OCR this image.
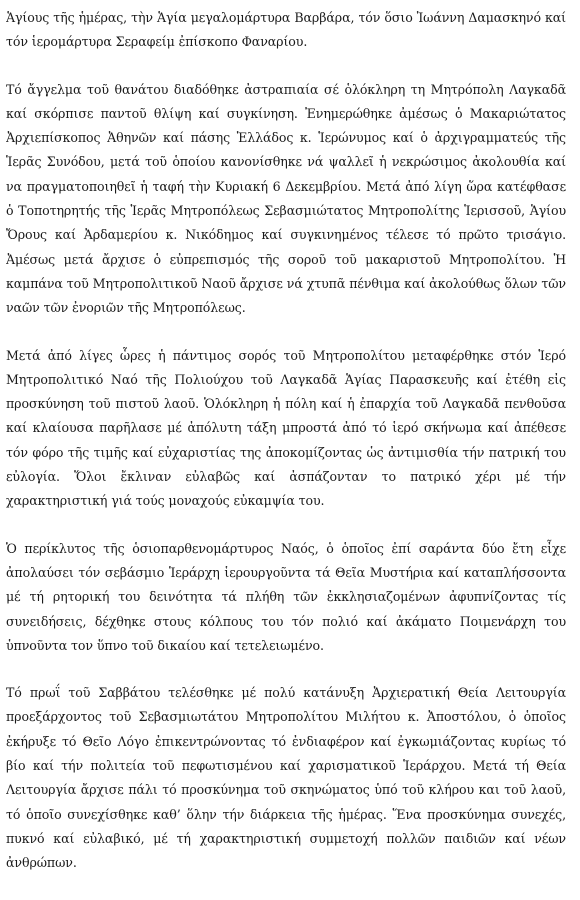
Ἁγίους τῆς ἡμέρας, τὴν Ἁγία μεγαλομάρτυρα Βαρβάρα, τόν ὅσιο Ἰωάννη Δαμασκηνό καί τόν ἱερομάρτυρα Σεραφείμ ἐπίσκοπο Φαναρίου.

Τό ἄγγελμα τοῦ θανάτου διαδόθηκε ἀστραπιαία σέ ὁλόκληρη τη Μητρόπολη Λαγκαδᾶ καί σκόρπισε παντοῦ θλίψη καί συγκίνηση. Ἐνημερώθηκε ἀμέσως ὁ Μακαριώτατος Ἀρχιεπίσκοπος Ἀθηνῶν καί πάσης Ἑλλάδος κ. Ἱερώνυμος καί ὁ ἀρχιγραμματεύς τῆς Ἱερᾶς Συνόδου, μετά τοῦ ὁποίου κανονίσθηκε νά ψαλλεῖ ἡ νεκρώσιμος ἀκολουθία καί να πραγματοποιηθεῖ ἡ ταφή τὴν Κυριακή 6 Δεκεμβρίου. Μετά ἀπό λίγη ὥρα κατέφθασε ὁ Τοποτηρητής τῆς Ἱερᾶς Μητροπόλεως Σεβασμιώτατος Μητροπολίτης Ἱερισσοῦ, Ἁγίου Ὄρους καί Ἀρδαμερίου κ. Νικόδημος καί συγκινημένος τέλεσε τό πρῶτο τρισάγιο. Ἀμέσως μετά ἄρχισε ὁ εὐπρεπισμός τῆς σοροῦ τοῦ μακαριστοῦ Μητροπολίτου. Ἡ καμπάνα τοῦ Μητροπολιτικοῦ Ναοῦ ἄρχισε νά χτυπᾶ πένθιμα καί ἀκολούθως ὅλων τῶν ναῶν τῶν ἐνοριῶν τῆς Μητροπόλεως.

Μετά ἀπό λίγες ὧρες ἡ πάντιμος σορός τοῦ Μητροπολίτου μεταφέρθηκε στόν Ἱερό Μητροπολιτικό Ναό τῆς Πολιούχου τοῦ Λαγκαδᾶ Ἁγίας Παρασκευῆς καί ἐτέθη εἰς προσκύνηση τοῦ πιστοῦ λαοῦ. Ὁλόκληρη ἡ πόλη καί ἡ ἐπαρχία τοῦ Λαγκαδᾶ πενθοῦσα καί κλαίουσα παρῆλασε μέ ἀπόλυτη τάξη μπροστά ἀπό τό ἱερό σκήνωμα καί ἀπέθεσε τόν φόρο τῆς τιμῆς καί εὐχαριστίας της ἀποκομίζοντας ὡς ἀντιμισθία τήν πατρική του εὐλογία. Ὅλοι ἔκλιναν εὐλαβῶς καί ἀσπάζονταν το πατρικό χέρι μέ τήν χαρακτηριστική γιά τούς μοναχούς εὐκαμψία του.

Ὁ περίκλυτος τῆς ὁσιοπαρθενομάρτυρος Ναός, ὁ ὁποῖος ἐπί σαράντα δύο ἔτη εἶχε ἀπολαύσει τόν σεβάσμιο Ἱεράρχη ἱερουργοῦντα τά Θεῖα Μυστήρια καί καταπλήσσοντα μέ τή ρητορική του δεινότητα τά πλήθη τῶν ἐκκλησιαζομένων ἀφυπνίζοντας τίς συνειδήσεις, δέχθηκε στους κόλπους του τόν πολιό καί ἀκάματο Ποιμενάρχη του ὑπνοῦντα τον ὕπνο τοῦ δικαίου καί τετελειωμένο.

Τό πρωΐ τοῦ Σαββάτου τελέσθηκε μέ πολύ κατάνυξη Ἀρχιερατική Θεία Λειτουργία προεξάρχοντος τοῦ Σεβασμιωτάτου Μητροπολίτου Μιλήτου κ. Ἀποστόλου, ὁ ὁποῖος ἐκήρυξε τό Θεῖο Λόγο ἐπικεντρώνοντας τό ἐνδιαφέρον καί ἐγκωμιάζοντας κυρίως τό βίο καί τήν πολιτεία τοῦ πεφωτισμένου καί χαρισματικοῦ Ἱεράρχου. Μετά τή Θεία Λειτουργία ἄρχισε πάλι τό προσκύνημα τοῦ σκηνώματος ὑπό τοῦ κλήρου και τοῦ λαοῦ, τό ὁποῖο συνεχίσθηκε καθ’ ὅλην τήν διάρκεια τῆς ἡμέρας. Ἕνα προσκύνημα συνεχές, πυκνό καί εὐλαβικό, μέ τή χαρακτηριστική συμμετοχή πολλῶν παιδιῶν καί νέων ἀνθρώπων.
